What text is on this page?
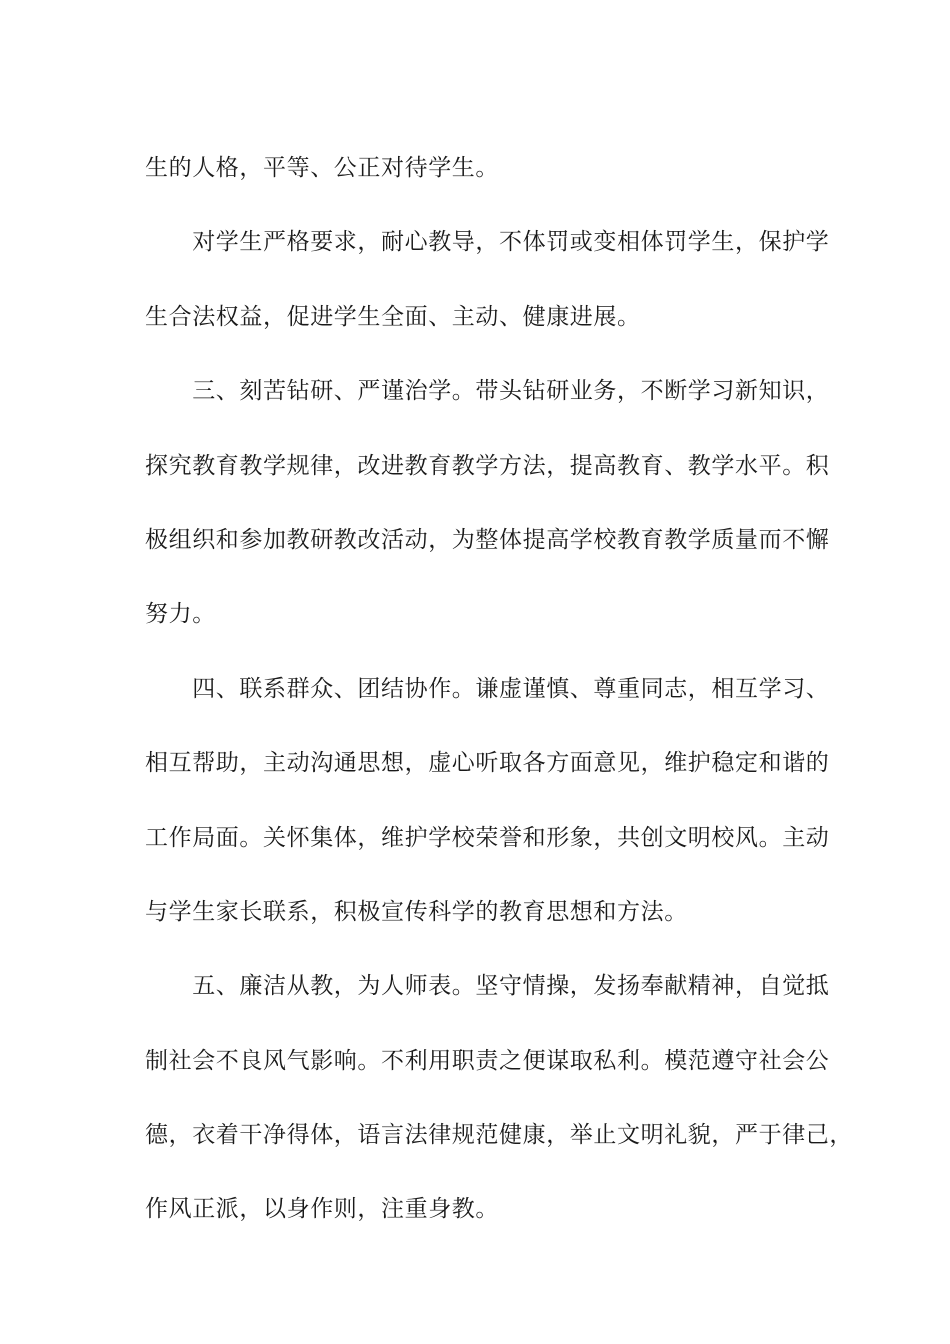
生的人格，平等、公正对待学生。
　　对学生严格要求，耐心教导，不体罚或变相体罚学生，保护学
生合法权益，促进学生全面、主动、健康进展。
　　三、刻苦钻研、严谨治学。带头钻研业务，不断学习新知识，
探究教育教学规律，改进教育教学方法，提高教育、教学水平。积
极组织和参加教研教改活动，为整体提高学校教育教学质量而不懈
努力。
　　四、联系群众、团结协作。谦虚谨慎、尊重同志，相互学习、
相互帮助，主动沟通思想，虚心听取各方面意见，维护稳定和谐的
工作局面。关怀集体，维护学校荣誉和形象，共创文明校风。主动
与学生家长联系，积极宣传科学的教育思想和方法。
　　五、廉洁从教，为人师表。坚守情操，发扬奉献精神，自觉抵
制社会不良风气影响。不利用职责之便谋取私利。模范遵守社会公
德，衣着干净得体，语言法律规范健康，举止文明礼貌，严于律己，
作风正派，以身作则，注重身教。
